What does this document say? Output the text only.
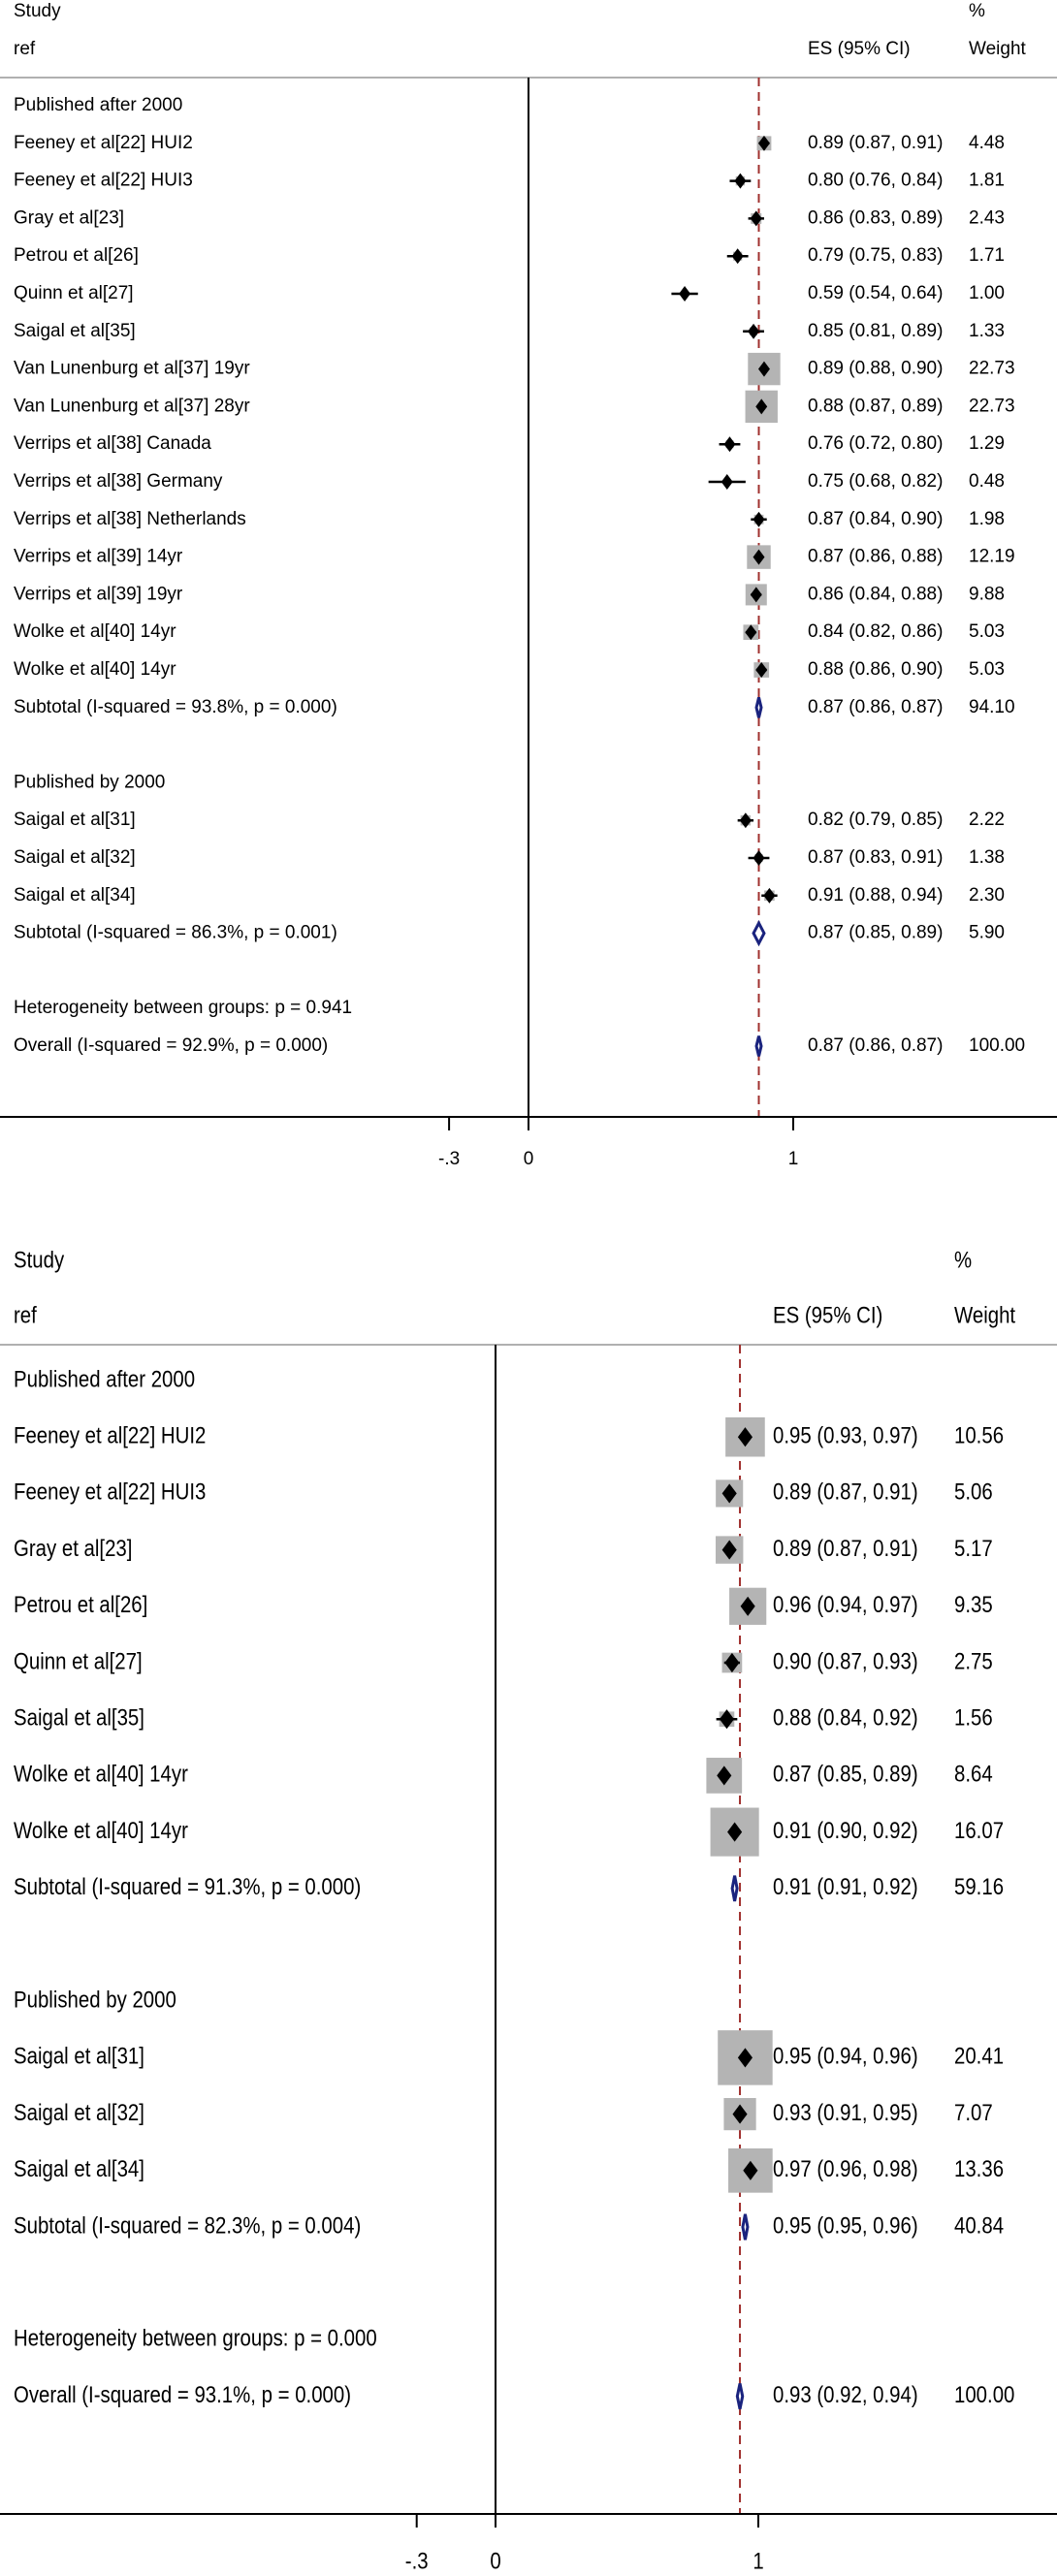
Study	%
ref	ES (95% CI)	Weight
Published after 2000
Feeney et al[22] HUI2	0.89 (0.87, 0.91) 4.48
Feeney et al[22] HUI3	0.80 (0.76, 0.84) 1.81
Gray et al[23]	0.86 (0.83, 0.89) 2.43
Petrou et al[26]	0.79 (0.75, 0.83) 1.71
Quinn et al[27]	0.59 (0.54, 0.64) 1.00
Saigal et al[35]	0.85 (0.81, 0.89) 1.33
Van Lunenburg et al[37] 19yr	0.89 (0.88, 0.90) 22.73
Van Lunenburg et al[37] 28yr	0.88 (0.87, 0.89) 22.73
Verrips et al[38] Canada	0.76 (0.72, 0.80) 1.29
Verrips et al[38] Germany	0.75 (0.68, 0.82) 0.48
Verrips et al[38] Netherlands	0.87 (0.84, 0.90) 1.98
Verrips et al[39] 14yr	0.87 (0.86, 0.88) 12.19
Verrips et al[39] 19yr	0.86 (0.84, 0.88) 9.88
Wolke et al[40] 14yr	0.84 (0.82, 0.86) 5.03
Wolke et al[40] 14yr	0.88 (0.86, 0.90) 5.03
Subtotal (I-squared = 93.8%, p = 0.000)	0.87 (0.86, 0.87) 94.10
Published by 2000
Saigal et al[31]	0.82 (0.79, 0.85) 2.22
Saigal et al[32]	0.87 (0.83, 0.91) 1.38
Saigal et al[34]	0.91 (0.88, 0.94) 2.30
Subtotal (I-squared = 86.3%, p = 0.001)	0.87 (0.85, 0.89) 5.90
Heterogeneity between groups: p = 0.941
Overall (I-squared = 92.9%, p = 0.000)	0.87 (0.86, 0.87) 100.00
-.3	0	1
Study	%
ref	ES (95% CI)	Weight
Published after 2000
Feeney et al[22] HUI2	0.95 (0.93, 0.97) 10.56
Feeney et al[22] HUI3	0.89 (0.87, 0.91) 5.06
Gray et al[23]	0.89 (0.87, 0.91) 5.17
Petrou et al[26]	0.96 (0.94, 0.97) 9.35
Quinn et al[27]	0.90 (0.87, 0.93) 2.75
Saigal et al[35]	0.88 (0.84, 0.92) 1.56
Wolke et al[40] 14yr	0.87 (0.85, 0.89) 8.64
Wolke et al[40] 14yr	0.91 (0.90, 0.92) 16.07
Subtotal (I-squared = 91.3%, p = 0.000)	0.91 (0.91, 0.92) 59.16
Published by 2000
Saigal et al[31]	0.95 (0.94, 0.96) 20.41
Saigal et al[32]	0.93 (0.91, 0.95) 7.07
Saigal et al[34]	0.97 (0.96, 0.98) 13.36
Subtotal (I-squared = 82.3%, p = 0.004)	0.95 (0.95, 0.96) 40.84
Heterogeneity between groups: p = 0.000
Overall (I-squared = 93.1%, p = 0.000)	0.93 (0.92, 0.94) 100.00
-.3	0	1
